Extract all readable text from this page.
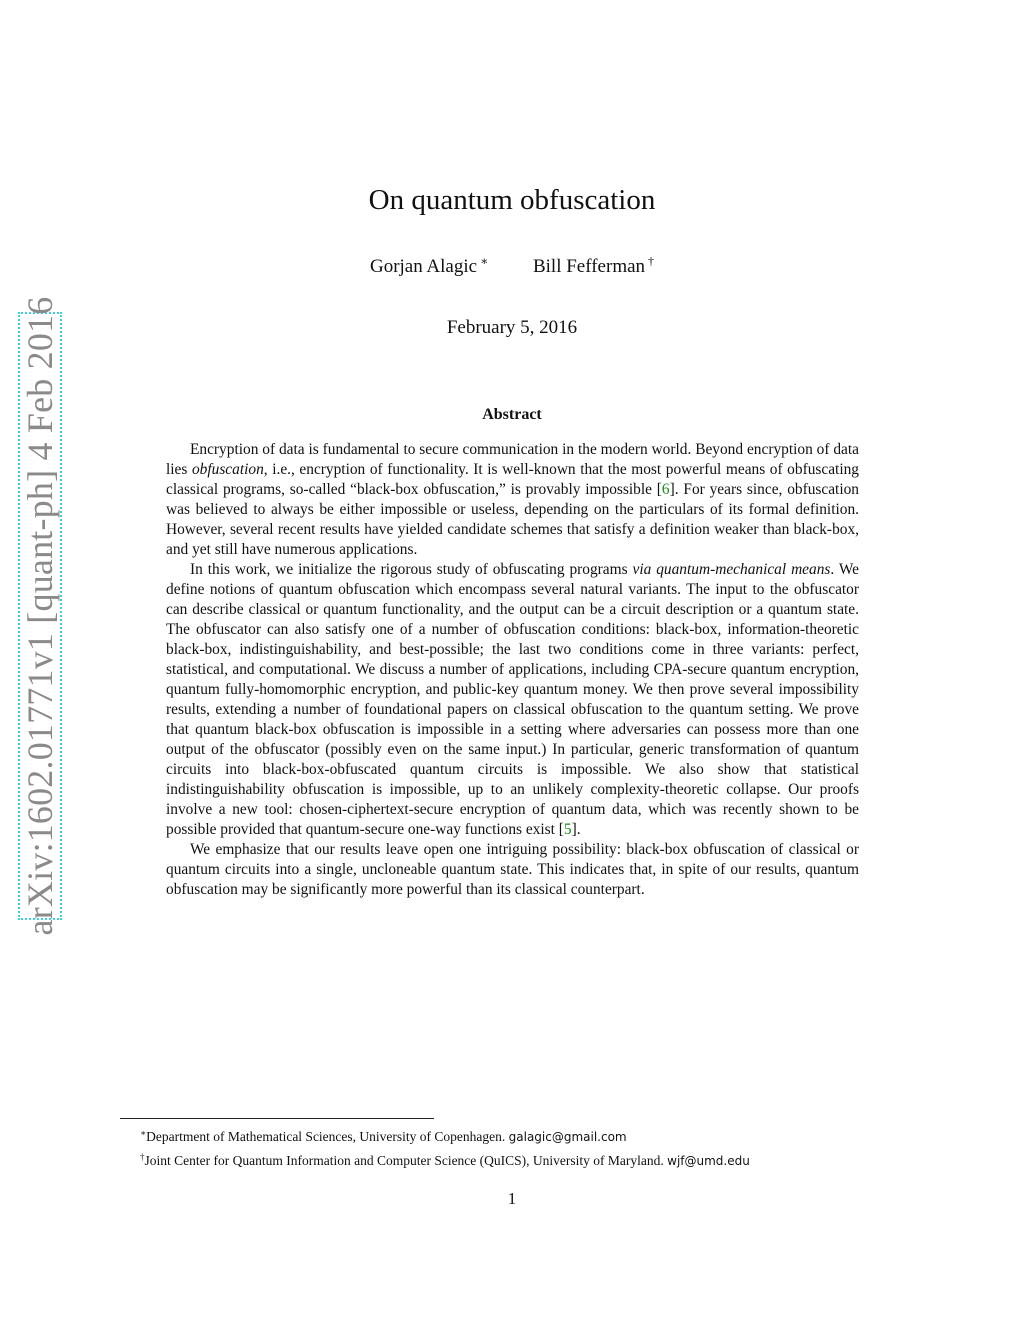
arXiv:1602.01771v1 [quant-ph] 4 Feb 2016
On quantum obfuscation
Gorjan Alagic ∗ Bill Fefferman †
February 5, 2016
Abstract

Encryption of data is fundamental to secure communication in the modern world. Beyond encryption of data lies obfuscation, i.e., encryption of functionality. It is well-known that the most powerful means of obfuscating classical programs, so-called “black-box obfuscation,” is provably impossible [6]. For years since, obfuscation was believed to always be either impossible or useless, depending on the particulars of its formal definition. However, several recent results have yielded candidate schemes that satisfy a definition weaker than black-box, and yet still have numerous applications.

In this work, we initialize the rigorous study of obfuscating programs via quantum-mechanical means. We define notions of quantum obfuscation which encompass several natural variants. The input to the obfuscator can describe classical or quantum functionality, and the output can be a circuit description or a quantum state. The obfuscator can also satisfy one of a number of obfuscation conditions: black-box, information-theoretic black-box, indistinguishability, and best-possible; the last two conditions come in three variants: perfect, statistical, and computational. We discuss a number of applications, including CPA-secure quantum encryption, quantum fully-homomorphic encryption, and public-key quantum money. We then prove several impossibility results, extending a number of foundational papers on classical obfuscation to the quantum setting. We prove that quantum black-box obfuscation is impossible in a setting where adversaries can possess more than one output of the obfuscator (possibly even on the same input.) In particular, generic transformation of quantum circuits into black-box-obfuscated quantum circuits is impossible. We also show that statistical indistinguishability obfuscation is impossible, up to an unlikely complexity-theoretic collapse. Our proofs involve a new tool: chosen-ciphertext-secure encryption of quantum data, which was recently shown to be possible provided that quantum-secure one-way functions exist [5].

We emphasize that our results leave open one intriguing possibility: black-box obfuscation of classical or quantum circuits into a single, uncloneable quantum state. This indicates that, in spite of our results, quantum obfuscation may be significantly more powerful than its classical counterpart.

∗Department of Mathematical Sciences, University of Copenhagen. galagic@gmail.com
†Joint Center for Quantum Information and Computer Science (QuICS), University of Maryland. wjf@umd.edu
1
